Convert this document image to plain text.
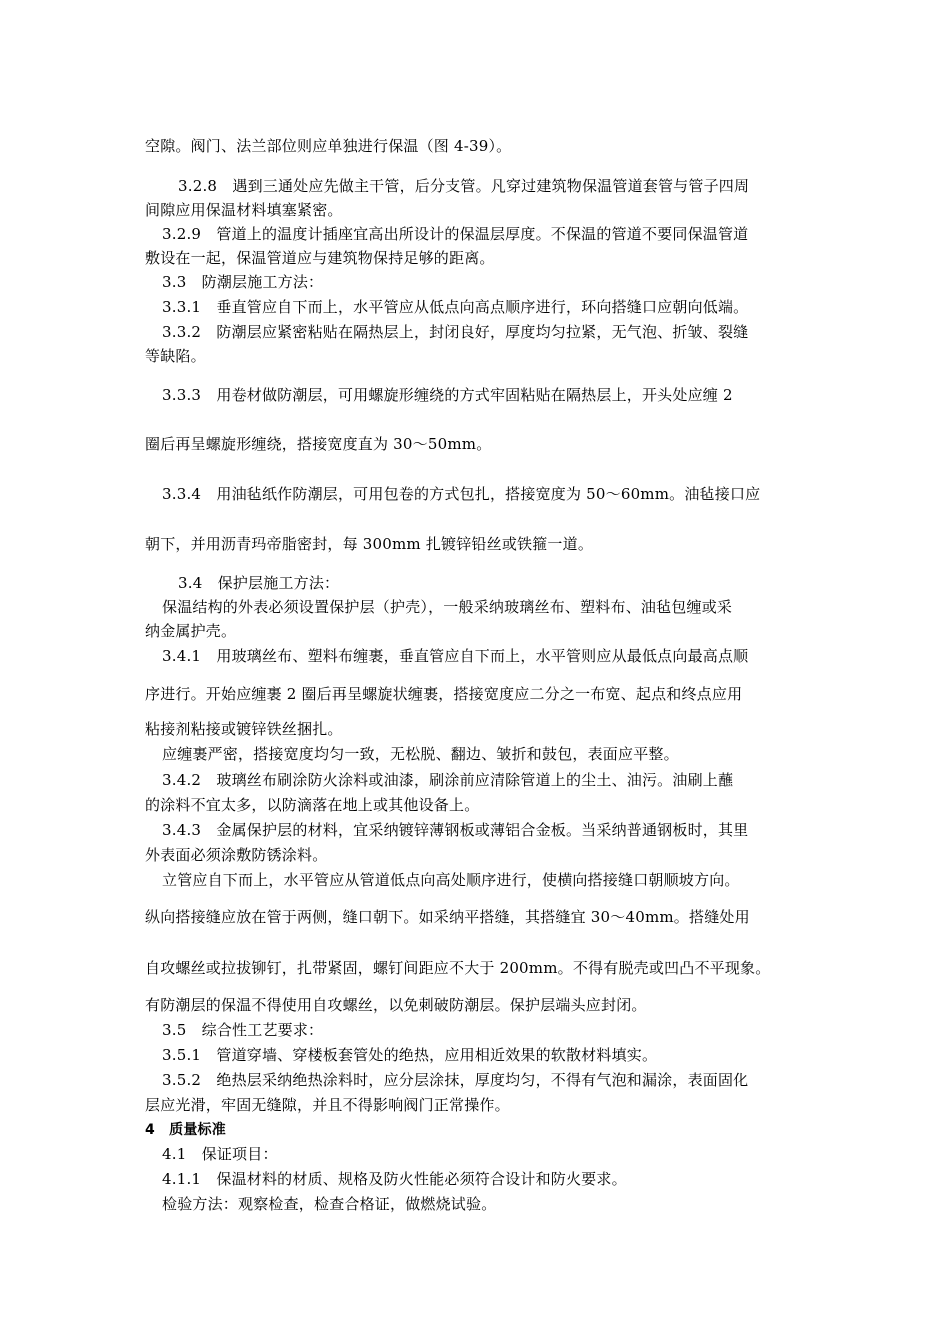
空隙。阀门、法兰部位则应单独进行保温（图 4-39）。
3.2.8　遇到三通处应先做主干管，后分支管。凡穿过建筑物保温管道套管与管子四周
间隙应用保温材料填塞紧密。
3.2.9　管道上的温度计插座宜高出所设计的保温层厚度。不保温的管道不要同保温管道
敷设在一起，保温管道应与建筑物保持足够的距离。
3.3　防潮层施工方法：
3.3.1　垂直管应自下而上，水平管应从低点向高点顺序进行，环向搭缝口应朝向低端。
3.3.2　防潮层应紧密粘贴在隔热层上，封闭良好，厚度均匀拉紧，无气泡、折皱、裂缝
等缺陷。
3.3.3　用卷材做防潮层，可用螺旋形缠绕的方式牢固粘贴在隔热层上，开头处应缠 2
圈后再呈螺旋形缠绕，搭接宽度直为 30～50mm。
3.3.4　用油毡纸作防潮层，可用包卷的方式包扎，搭接宽度为 50～60mm。油毡接口应
朝下，并用沥青玛帝脂密封，每 300mm 扎镀锌铅丝或铁箍一道。
3.4　保护层施工方法：
保温结构的外表必须设置保护层（护壳），一般采纳玻璃丝布、塑料布、油毡包缠或采
纳金属护壳。
3.4.1　用玻璃丝布、塑料布缠裹，垂直管应自下而上，水平管则应从最低点向最高点顺
序进行。开始应缠裹 2 圈后再呈螺旋状缠裹，搭接宽度应二分之一布宽、起点和终点应用
粘接剂粘接或镀锌铁丝捆扎。
应缠裹严密，搭接宽度均匀一致，无松脱、翻边、皱折和鼓包，表面应平整。
3.4.2　玻璃丝布刷涂防火涂料或油漆，刷涂前应清除管道上的尘土、油污。油刷上蘸
的涂料不宜太多，以防滴落在地上或其他设备上。
3.4.3　金属保护层的材料，宜采纳镀锌薄钢板或薄铝合金板。当采纳普通钢板时，其里
外表面必须涂敷防锈涂料。
立管应自下而上，水平管应从管道低点向高处顺序进行，使横向搭接缝口朝顺坡方向。
纵向搭接缝应放在管于两侧，缝口朝下。如采纳平搭缝，其搭缝宜 30～40mm。搭缝处用
自攻螺丝或拉拔铆钉，扎带紧固，螺钉间距应不大于 200mm。不得有脱壳或凹凸不平现象。
有防潮层的保温不得使用自攻螺丝，以免刺破防潮层。保护层端头应封闭。
3.5　综合性工艺要求：
3.5.1　管道穿墙、穿楼板套管处的绝热，应用相近效果的软散材料填实。
3.5.2　绝热层采纳绝热涂料时，应分层涂抹，厚度均匀，不得有气泡和漏涂，表面固化
层应光滑，牢固无缝隙，并且不得影响阀门正常操作。
4　质量标准
4.1　保证项目：
4.1.1　保温材料的材质、规格及防火性能必须符合设计和防火要求。
检验方法：观察检查，检查合格证，做燃烧试验。
